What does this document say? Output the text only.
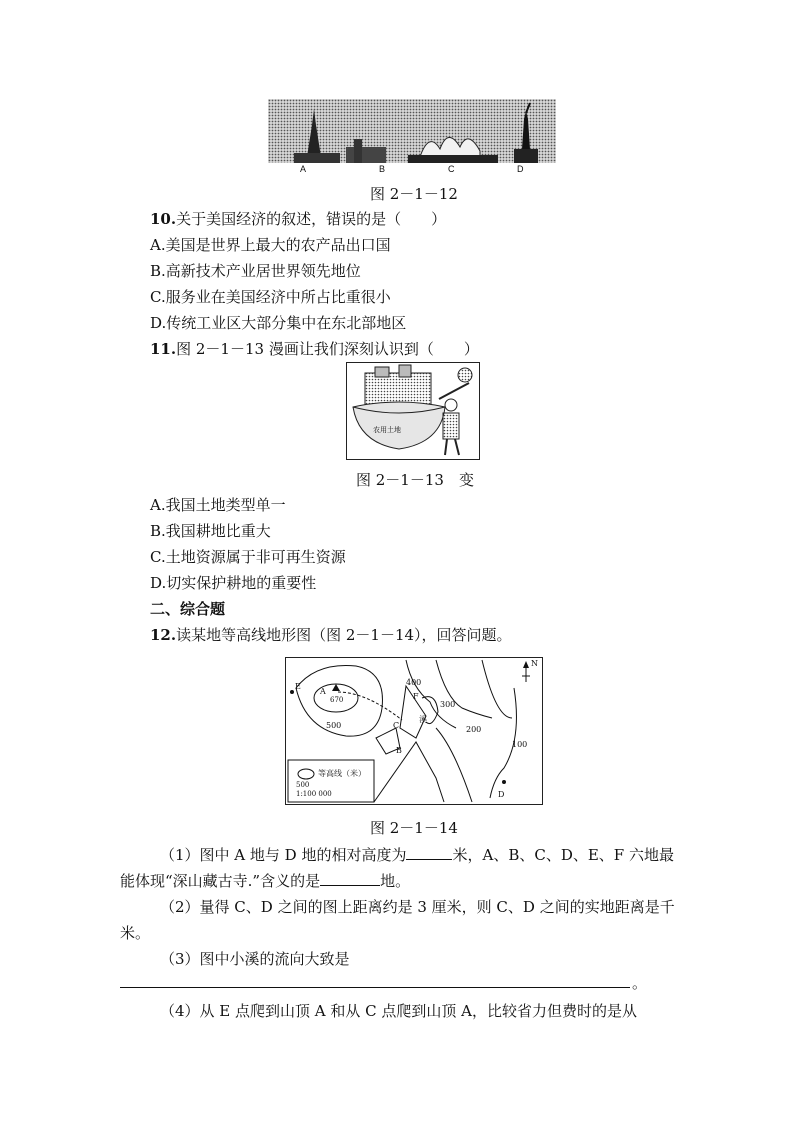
A	B	C	D
图 2－1－12
10.关于美国经济的叙述，错误的是（　　）
A.美国是世界上最大的农产品出口国
B.高新技术产业居世界领先地位
C.服务业在美国经济中所占比重很小
D.传统工业区大部分集中在东北部地区
11.图 2－1－13 漫画让我们深刻认识到（　　）
农用土地
图 2－1－13　变
A.我国土地类型单一
B.我国耕地比重大
C.土地资源属于非可再生资源
D.切实保护耕地的重要性
二、综合题
12.读某地等高线地形图（图 2－1－14），回答问题。
400
300
200
100
500
670
E
A
C
F
B
D
溪
N
等高线（米）
500
1:100 000
图 2－1－14
（1）图中 A 地与 D 地的相对高度为	米，A、B、C、D、E、F 六地最能体现“深山藏古寺.”含义的是	地。
（2）量得 C、D 之间的图上距离约是 3 厘米，则 C、D 之间的实地距离是千米。
（3）图中小溪的流向大致是
。
（4）从 E 点爬到山顶 A 和从 C 点爬到山顶 A，比较省力但费时的是从
